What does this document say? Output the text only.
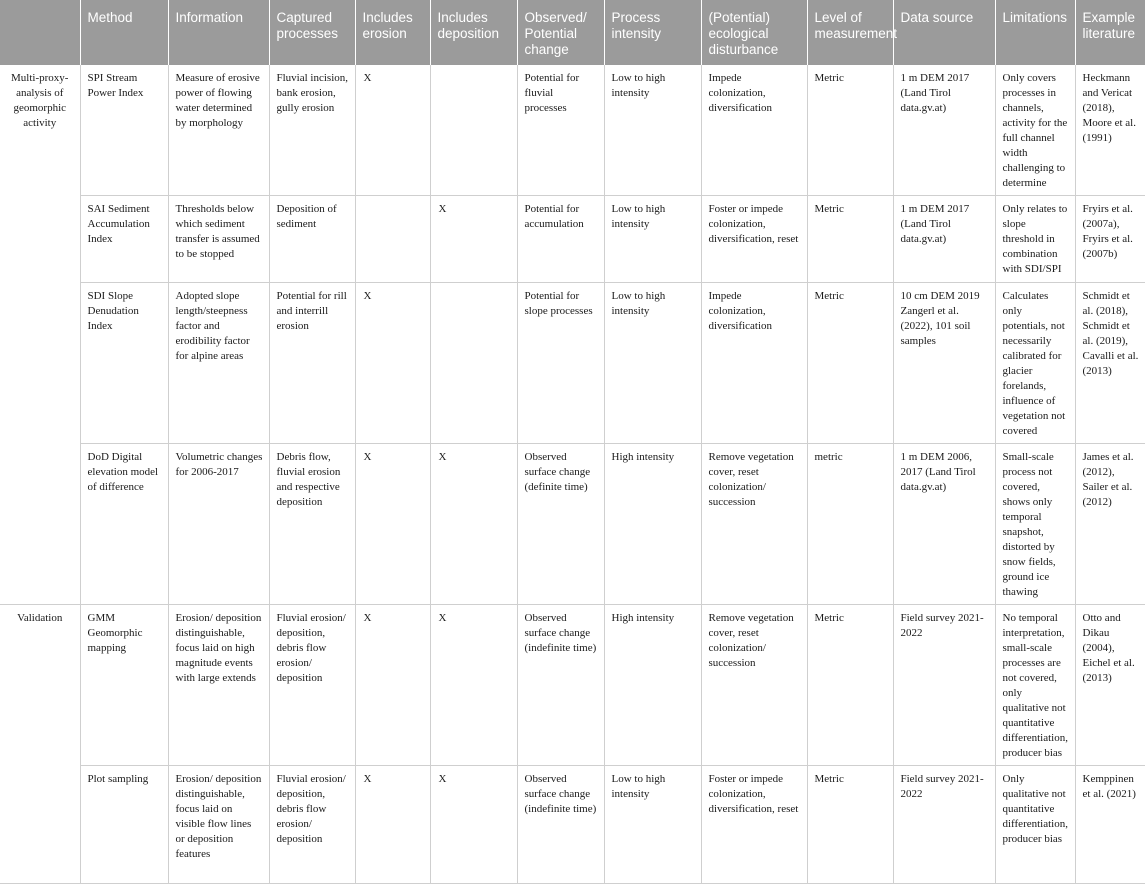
	Method	Information	Captured processes	Includes erosion	Includes deposition	Observed/ Potential change	Process intensity	(Potential) ecological disturbance	Level of measurement	Data source	Limitations	Example literature
Multi-proxy-analysis of geomorphic activity	SPI Stream Power Index	Measure of erosive power of flowing water determined by morphology	Fluvial incision, bank erosion, gully erosion	X		Potential for fluvial processes	Low to high intensity	Impede colonization, diversification	Metric	1 m DEM 2017 (Land Tirol data.gv.at)	Only covers processes in channels, activity for the full channel width challenging to determine	Heckmann and Vericat (2018), Moore et al. (1991)
	SAI Sediment Accumulation Index	Thresholds below which sediment transfer is assumed to be stopped	Deposition of sediment		X	Potential for accumulation	Low to high intensity	Foster or impede colonization, diversification, reset	Metric	1 m DEM 2017 (Land Tirol data.gv.at)	Only relates to slope threshold in combination with SDI/SPI	Fryirs et al. (2007a), Fryirs et al. (2007b)
	SDI Slope Denudation Index	Adopted slope length/steepness factor and erodibility factor for alpine areas	Potential for rill and interrill erosion	X		Potential for slope processes	Low to high intensity	Impede colonization, diversification	Metric	10 cm DEM 2019 Zangerl et al. (2022), 101 soil samples	Calculates only potentials, not necessarily calibrated for glacier forelands, influence of vegetation not covered	Schmidt et al. (2018), Schmidt et al. (2019), Cavalli et al. (2013)
	DoD Digital elevation model of difference	Volumetric changes for 2006-2017	Debris flow, fluvial erosion and respective deposition	X	X	Observed surface change (definite time)	High intensity	Remove vegetation cover, reset colonization/ succession	metric	1 m DEM 2006, 2017 (Land Tirol data.gv.at)	Small-scale process not covered, shows only temporal snapshot, distorted by snow fields, ground ice thawing	James et al. (2012), Sailer et al. (2012)
Validation	GMM Geomorphic mapping	Erosion/ deposition distinguishable, focus laid on high magnitude events with large extends	Fluvial erosion/ deposition, debris flow erosion/ deposition	X	X	Observed surface change (indefinite time)	High intensity	Remove vegetation cover, reset colonization/ succession	Metric	Field survey 2021-2022	No temporal interpretation, small-scale processes are not covered, only qualitative not quantitative differentiation, producer bias	Otto and Dikau (2004), Eichel et al. (2013)
	Plot sampling	Erosion/ deposition distinguishable, focus laid on visible flow lines or deposition features	Fluvial erosion/ deposition, debris flow erosion/ deposition	X	X	Observed surface change (indefinite time)	Low to high intensity	Foster or impede colonization, diversification, reset	Metric	Field survey 2021-2022	Only qualitative not quantitative differentiation, producer bias	Kemppinen et al. (2021)
